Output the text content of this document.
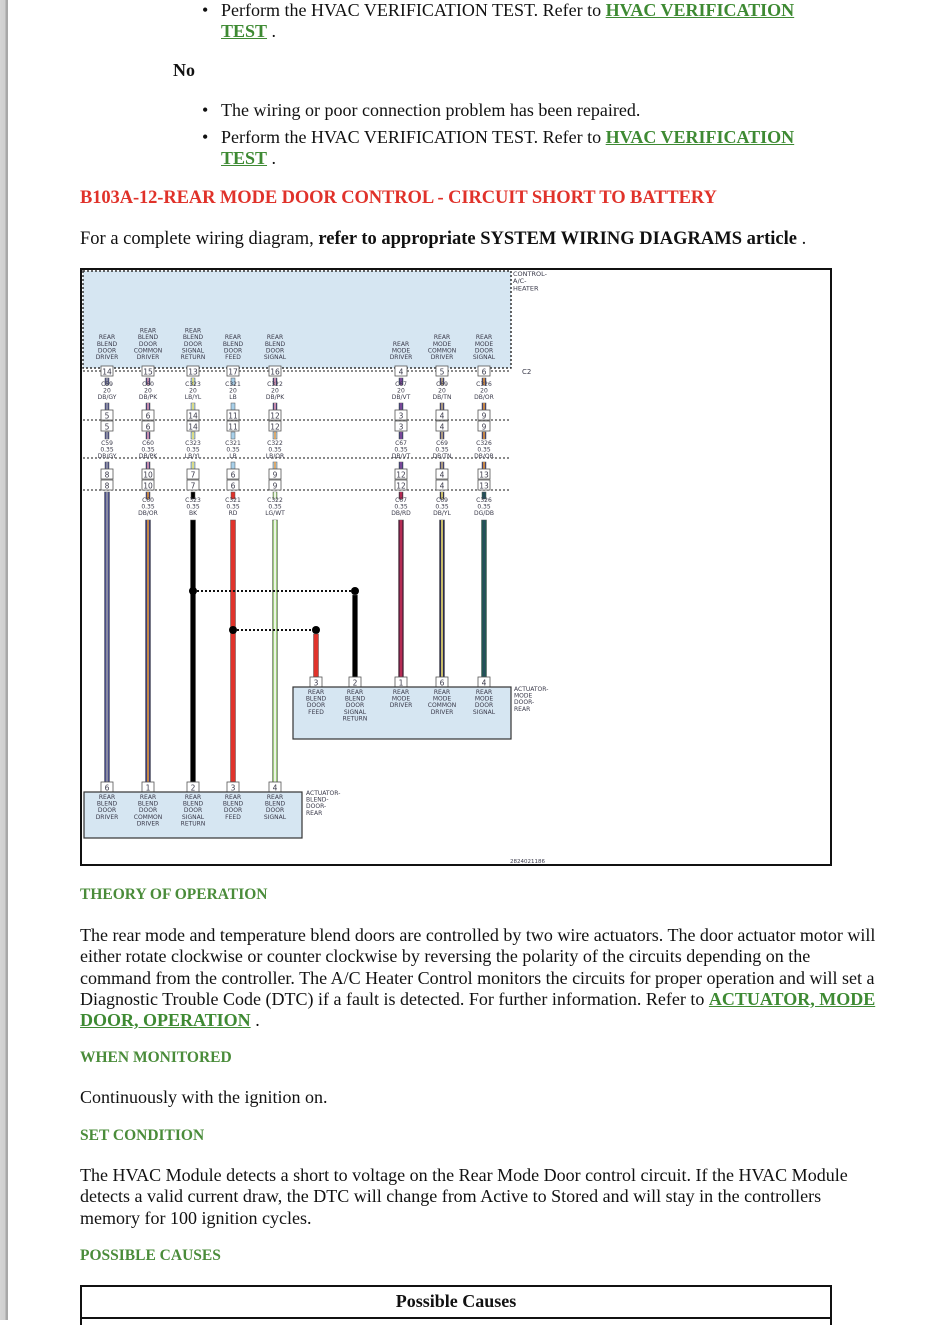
• Perform the HVAC VERIFICATION TEST. Refer to HVAC VERIFICATION TEST .
No
• The wiring or poor connection problem has been repaired.
• Perform the HVAC VERIFICATION TEST. Refer to HVAC VERIFICATION TEST .
B103A-12-REAR MODE DOOR CONTROL - CIRCUIT SHORT TO BATTERY
For a complete wiring diagram, refer to appropriate SYSTEM WIRING DIAGRAMS article .
CONTROL-A/C-HEATER
C2
REAR BLEND DOOR DRIVER
14
C59 20 DB/GY
5
5
C59 0.35 DB/GY
8
8
REAR BLEND DOOR COMMON DRIVER
15
C60 20 DB/PK
6
6
C60 0.35 DB/PK
10
10
C60 0.35 DB/OR
REAR BLEND DOOR SIGNAL RETURN
13
C323 20 LB/YL
14
14
C323 0.35 LB/YL
7
7
C323 0.35 BK
REAR BLEND DOOR FEED
17
C321 20 LB
11
11
C321 0.35 LB
6
6
C321 0.35 RD
REAR BLEND DOOR SIGNAL
16
C322 20 DB/PK
12
12
C322 0.35 LB/OR
9
9
C322 0.35 LG/WT
REAR MODE DRIVER
4
C67 20 DB/VT
3
3
C67 0.35 DB/VT
12
12
C67 0.35 DB/RD
REAR MODE COMMON DRIVER
5
C69 20 DB/TN
4
4
C69 0.35 DB/TN
4
4
C69 0.35 DB/YL
REAR MODE DOOR SIGNAL
6
C326 20 DB/OR
9
9
C326 0.35 DB/OR
13
13
C326 0.35 DG/DB
6	1	2	3	4
REAR BLEND DOOR DRIVER
REAR BLEND DOOR COMMON DRIVER
REAR BLEND DOOR SIGNAL RETURN
REAR BLEND DOOR FEED
REAR BLEND DOOR SIGNAL
ACTUATOR-BLEND-DOOR-REAR
3	2	1	6	4
REAR BLEND DOOR FEED
REAR BLEND DOOR SIGNAL RETURN
REAR MODE DRIVER
REAR MODE COMMON DRIVER
REAR MODE DOOR SIGNAL
ACTUATOR-MODE DOOR-REAR
2824021186
THEORY OF OPERATION
The rear mode and temperature blend doors are controlled by two wire actuators. The door actuator motor will either rotate clockwise or counter clockwise by reversing the polarity of the circuits depending on the command from the controller. The A/C Heater Control monitors the circuits for proper operation and will set a Diagnostic Trouble Code (DTC) if a fault is detected. For further information. Refer to ACTUATOR, MODE DOOR, OPERATION .
WHEN MONITORED
Continuously with the ignition on.
SET CONDITION
The HVAC Module detects a short to voltage on the Rear Mode Door control circuit. If the HVAC Module detects a valid current draw, the DTC will change from Active to Stored and will stay in the controllers memory for 100 ignition cycles.
POSSIBLE CAUSES
Possible Causes
